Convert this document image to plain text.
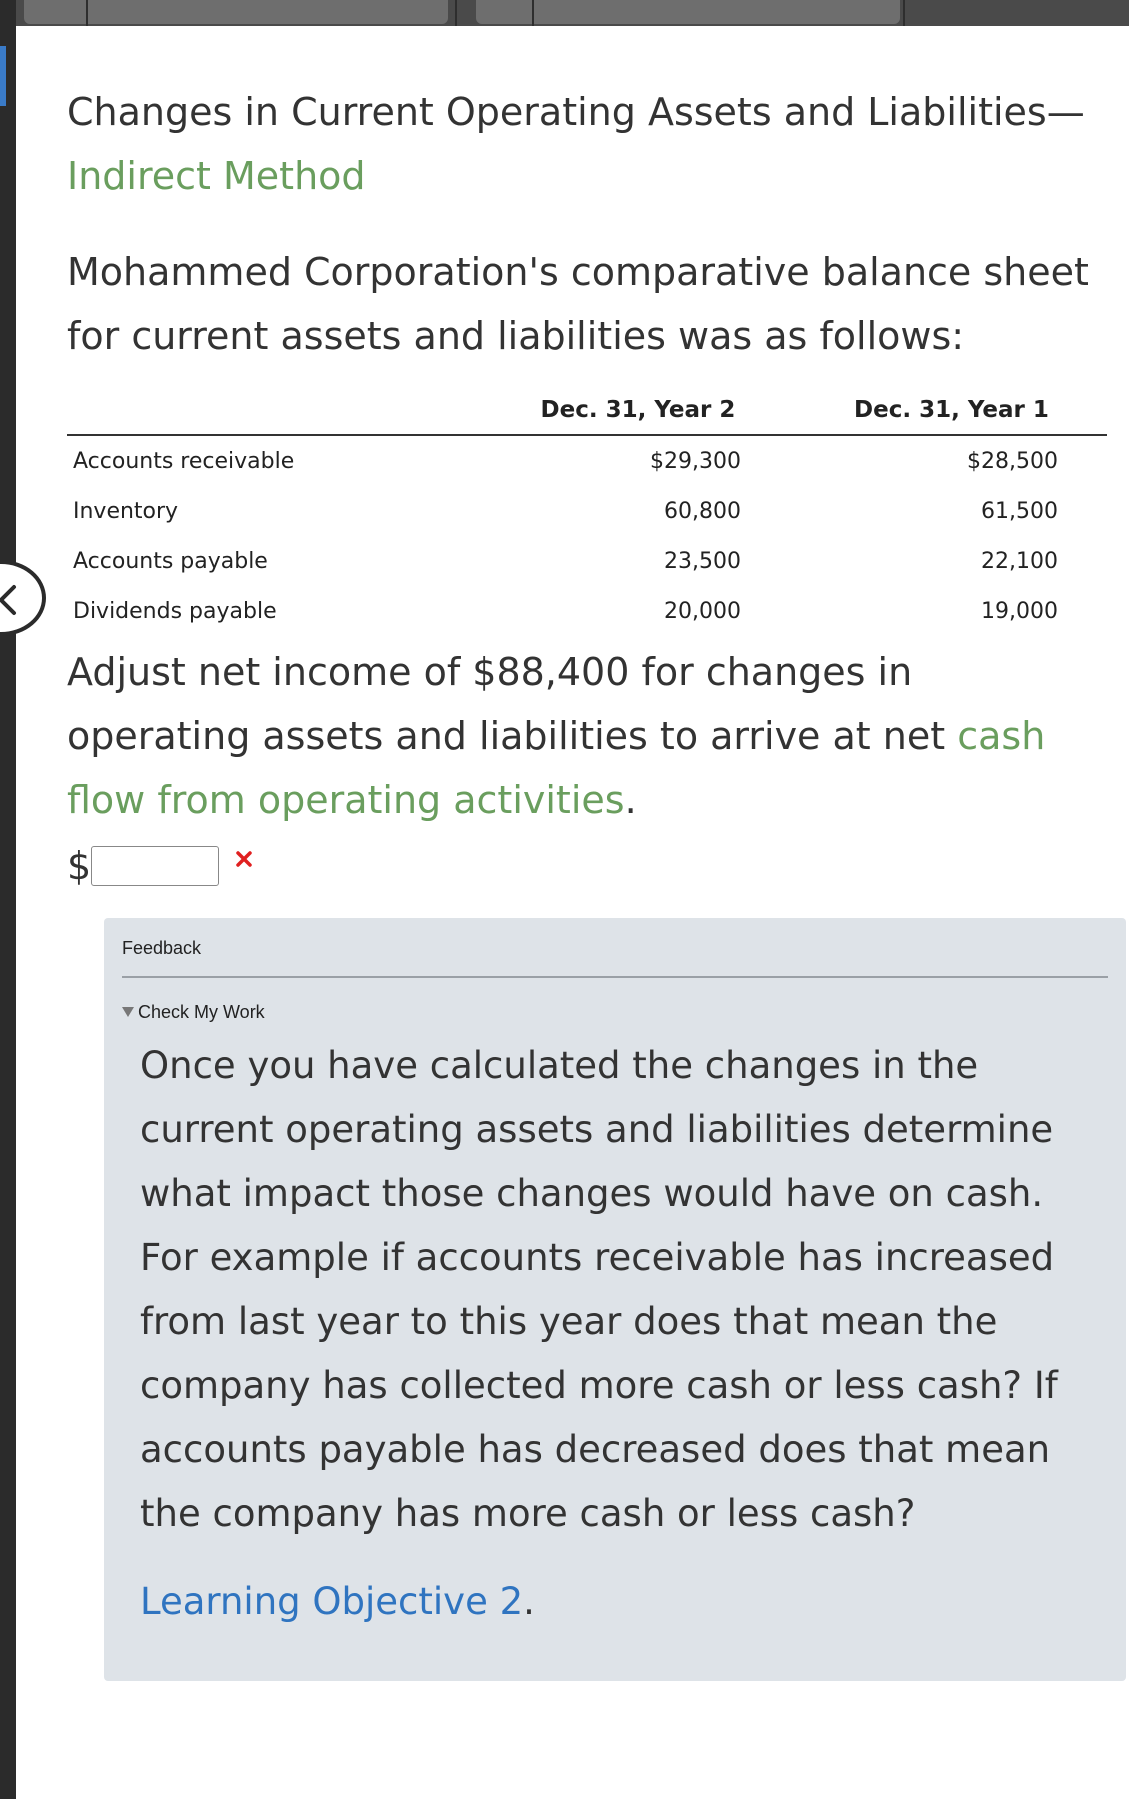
Changes in Current Operating Assets and Liabilities—
Indirect Method

Mohammed Corporation's comparative balance sheet for current assets and liabilities was as follows:

	Dec. 31, Year 2	Dec. 31, Year 1
Accounts receivable	$29,300	$28,500
Inventory	60,800	61,500
Accounts payable	23,500	22,100
Dividends payable	20,000	19,000

Adjust net income of $88,400 for changes in operating assets and liabilities to arrive at net cash flow from operating activities.

$
Feedback
Check My Work

Once you have calculated the changes in the current operating assets and liabilities determine what impact those changes would have on cash. For example if accounts receivable has increased from last year to this year does that mean the company has collected more cash or less cash? If accounts payable has decreased does that mean the company has more cash or less cash?

Learning Objective 2.
